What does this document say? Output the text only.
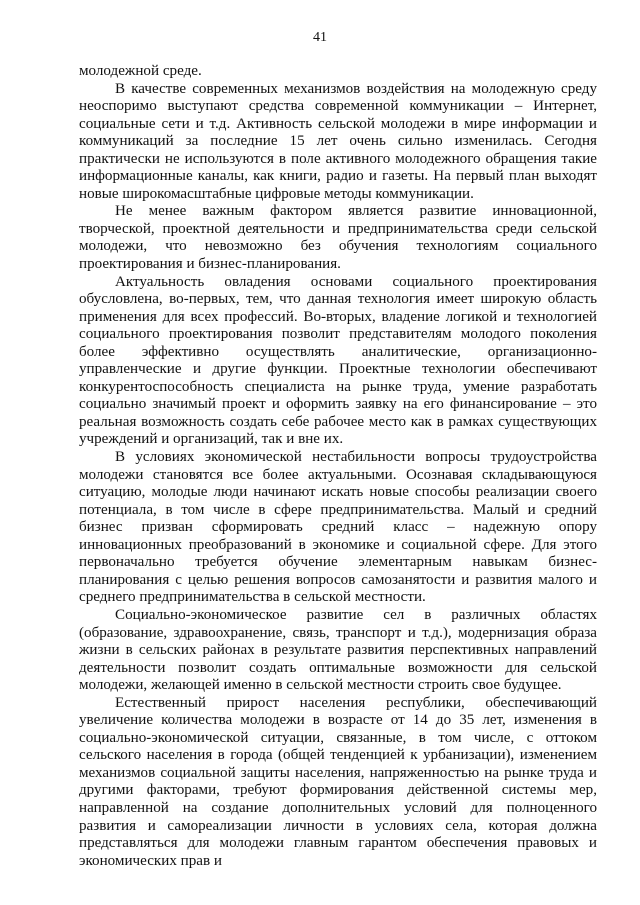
41

молодежной среде.

В качестве современных механизмов воздействия на молодежную среду неоспоримо выступают средства современной коммуникации – Интернет, социальные сети и т.д. Активность сельской молодежи в мире информации и коммуникаций за последние 15 лет очень сильно изменилась. Сегодня практически не используются в поле активного молодежного обращения такие информационные каналы, как книги, радио и газеты. На первый план выходят новые широкомасштабные цифровые методы коммуникации.

Не менее важным фактором является развитие инновационной, творческой, проектной деятельности и предпринимательства среди сельской молодежи, что невозможно без обучения технологиям социального проектирования и бизнес-планирования.

Актуальность овладения основами социального проектирования обусловлена, во-первых, тем, что данная технология имеет широкую область применения для всех профессий. Во-вторых, владение логикой и технологией социального проектирования позволит представителям молодого поколения более эффективно осуществлять аналитические, организационно-управленческие и другие функции. Проектные технологии обеспечивают конкурентоспособность специалиста на рынке труда, умение разработать социально значимый проект и оформить заявку на его финансирование – это реальная возможность создать себе рабочее место как в рамках существующих учреждений и организаций, так и вне их.

В условиях экономической нестабильности вопросы трудоустройства молодежи становятся все более актуальными. Осознавая складывающуюся ситуацию, молодые люди начинают искать новые способы реализации своего потенциала, в том числе в сфере предпринимательства. Малый и средний бизнес призван сформировать средний класс – надежную опору инновационных преобразований в экономике и социальной сфере. Для этого первоначально требуется обучение элементарным навыкам бизнес-планирования с целью решения вопросов самозанятости и развития малого и среднего предпринимательства в сельской местности.

Социально-экономическое развитие сел в различных областях (образование, здравоохранение, связь, транспорт и т.д.), модернизация образа жизни в сельских районах в результате развития перспективных направлений деятельности позволит создать оптимальные возможности для сельской молодежи, желающей именно в сельской местности строить свое будущее.

Естественный прирост населения республики, обеспечивающий увеличение количества молодежи в возрасте от 14 до 35 лет, изменения в социально-экономической ситуации, связанные, в том числе, с оттоком сельского населения в города (общей тенденцией к урбанизации), изменением механизмов социальной защиты населения, напряженностью на рынке труда и другими факторами, требуют формирования действенной системы мер, направленной на создание дополнительных условий для полноценного развития и самореализации личности в условиях села, которая должна представляться для молодежи главным гарантом обеспечения правовых и экономических прав и
